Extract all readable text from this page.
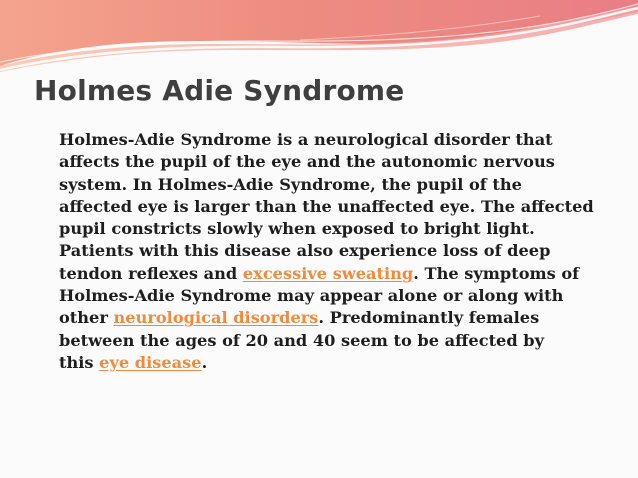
Holmes Adie Syndrome
Holmes-Adie Syndrome is a neurological disorder that
affects the pupil of the eye and the autonomic nervous
system. In Holmes-Adie Syndrome, the pupil of the
affected eye is larger than the unaffected eye. The affected
pupil constricts slowly when exposed to bright light.
Patients with this disease also experience loss of deep
tendon reflexes and excessive sweating. The symptoms of
Holmes-Adie Syndrome may appear alone or along with
other neurological disorders. Predominantly females
between the ages of 20 and 40 seem to be affected by
this eye disease.
